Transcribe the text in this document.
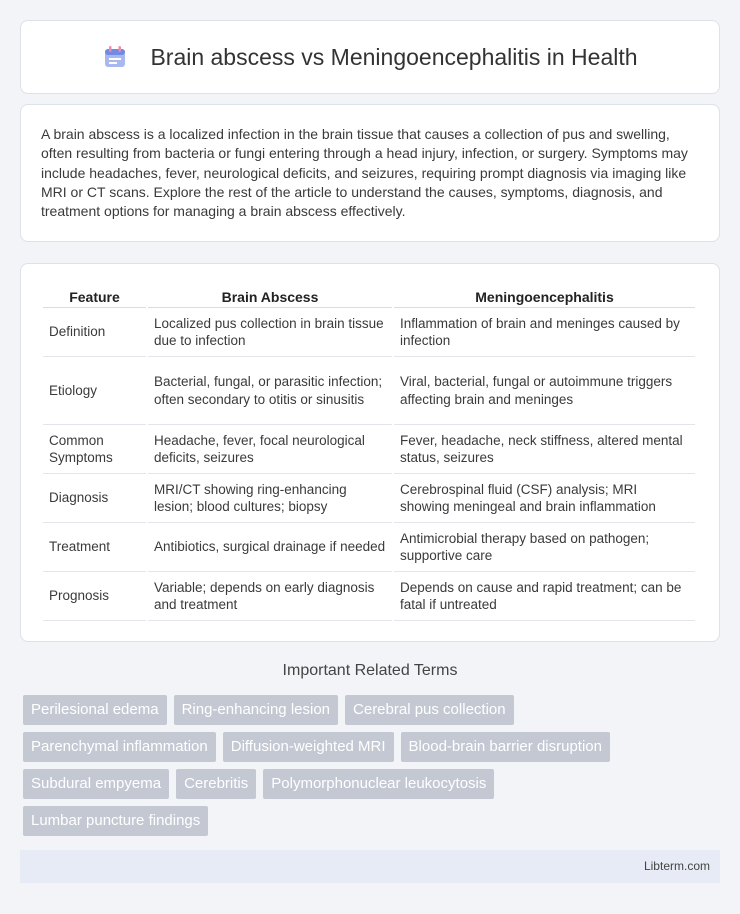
Brain abscess vs Meningoencephalitis in Health

A brain abscess is a localized infection in the brain tissue that causes a collection of pus and swelling, often resulting from bacteria or fungi entering through a head injury, infection, or surgery. Symptoms may include headaches, fever, neurological deficits, and seizures, requiring prompt diagnosis via imaging like MRI or CT scans. Explore the rest of the article to understand the causes, symptoms, diagnosis, and treatment options for managing a brain abscess effectively.

Feature	Brain Abscess	Meningoencephalitis
Definition	Localized pus collection in brain tissue due to infection	Inflammation of brain and meninges caused by infection
Etiology	Bacterial, fungal, or parasitic infection; often secondary to otitis or sinusitis	Viral, bacterial, fungal or autoimmune triggers affecting brain and meninges
Common Symptoms	Headache, fever, focal neurological deficits, seizures	Fever, headache, neck stiffness, altered mental status, seizures
Diagnosis	MRI/CT showing ring-enhancing lesion; blood cultures; biopsy	Cerebrospinal fluid (CSF) analysis; MRI showing meningeal and brain inflammation
Treatment	Antibiotics, surgical drainage if needed	Antimicrobial therapy based on pathogen; supportive care
Prognosis	Variable; depends on early diagnosis and treatment	Depends on cause and rapid treatment; can be fatal if untreated
Important Related Terms
Perilesional edema	Ring-enhancing lesion	Cerebral pus collection
Parenchymal inflammation	Diffusion-weighted MRI	Blood-brain barrier disruption
Subdural empyema	Cerebritis	Polymorphonuclear leukocytosis
Lumbar puncture findings
Libterm.com
